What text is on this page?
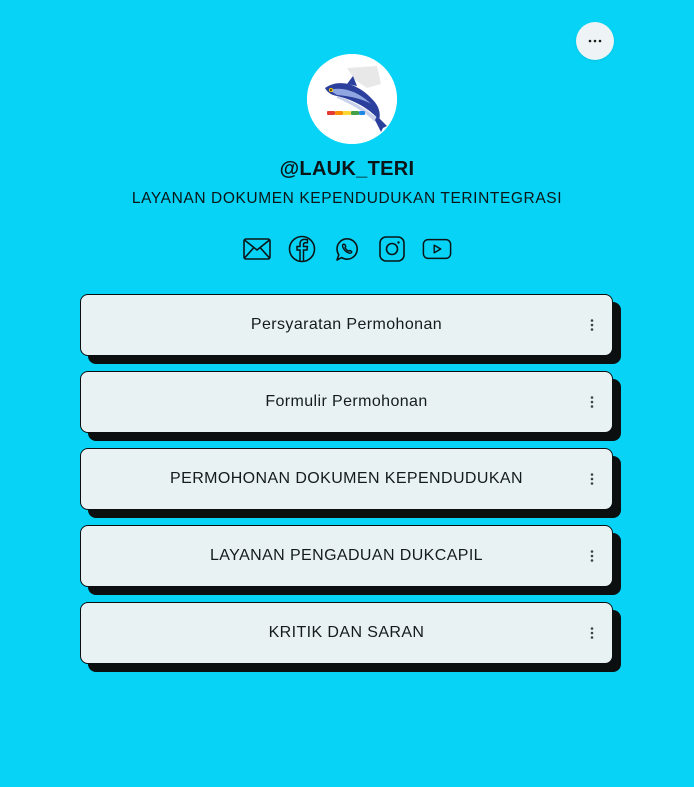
@LAUK_TERI
LAYANAN DOKUMEN KEPENDUDUKAN TERINTEGRASI
Persyaratan Permohonan
Formulir Permohonan
PERMOHONAN DOKUMEN KEPENDUDUKAN
LAYANAN PENGADUAN DUKCAPIL
KRITIK DAN SARAN
